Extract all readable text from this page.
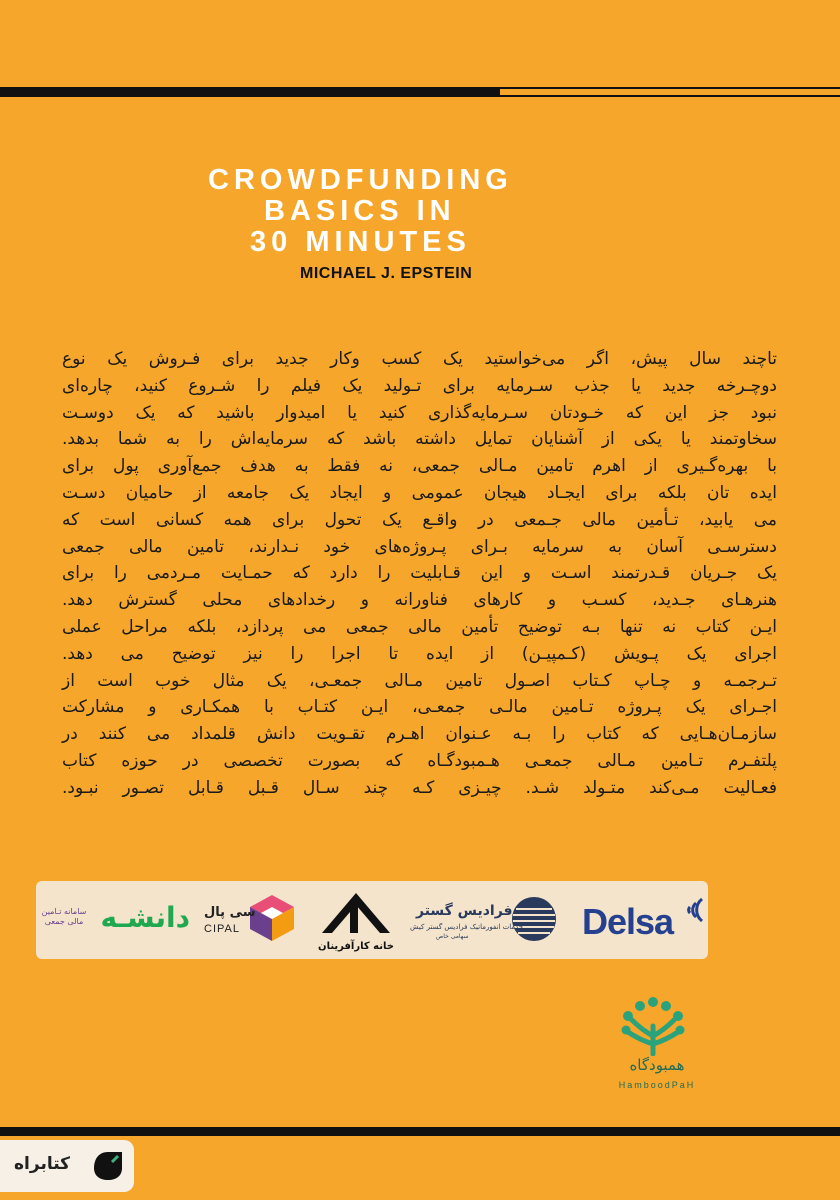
CROWDFUNDING
BASICS IN
30 MINUTES
MICHAEL J. EPSTEIN

تاچند سال پیش، اگر می‌خواستید یک کسب وکار جدید برای فـروش یک نوع

دوچـرخه جدید یا جذب سـرمایه برای تـولید یک فیلم را شـروع کنید، چاره‌ای

نبود جز این که خـودتان سـرمایه‌گذاری کنید یا امیدوار باشید که یک دوسـت

سخاوتمند یا یکی از آشنایان تمایل داشته باشد که سرمایه‌اش را به شما بدهد.

با بهره‌گـیری از اهرم تامین مـالی جمعی، نه فقط به هدف جمع‌آوری پول برای

ایده تان بلکه برای ایجـاد هیجان عمومی و ایجاد یک جامعه از حامیان دسـت

می یابید، تـأمین مالی جـمعی در واقـع یک تحول برای همه کسانی است که

دسترسـی آسان به سرمایه بـرای پـروژه‌های خود نـدارند، تامین مالی جمعی

یک جـریان قـدرتمند اسـت و این قـابلیت را دارد که حمـایت مـردمی را برای

هنرهـای جـدید، کسـب و کارهای فناورانه و رخدادهای محلی گسترش دهد.

ایـن کتاب نه تنها بـه توضیح تأمین مالی جمعی می پردازد، بلکه مراحل عملی

اجرای یک پـویش (کـمپیـن) از ایده تا اجرا را نیز توضیح می دهد.

تـرجمـه و چـاپ کـتاب اصـول تامین مـالی جمعـی، یک مثال خوب است از

اجـرای یک پـروژه تـامین مالـی جمعـی، ایـن کتـاب با همکـاری و مشارکت

سازمـان‌هـایی که کتاب را بـه عـنوان اهـرم تقـویت دانش قلمداد می کنند در

پلتفـرم تـامین مـالی جمعـی هـمبودگـاه که بصورت تخصصی در حوزه کتاب

فعـالیت مـی‌کند متـولد شـد. چیـزی کـه چند سـال قـبل قـابل تصـور نبـود.

Delsa
فرادیس گستر
خدمات انفورماتیک فرادیس گستر کیش
سهامی خاص
خانه کارآفرینان
سی پال
CIPAL
دانشـه
سامانه تـامین مالی جمعی
همبودگاه
HamboodPaH
کتابراه
